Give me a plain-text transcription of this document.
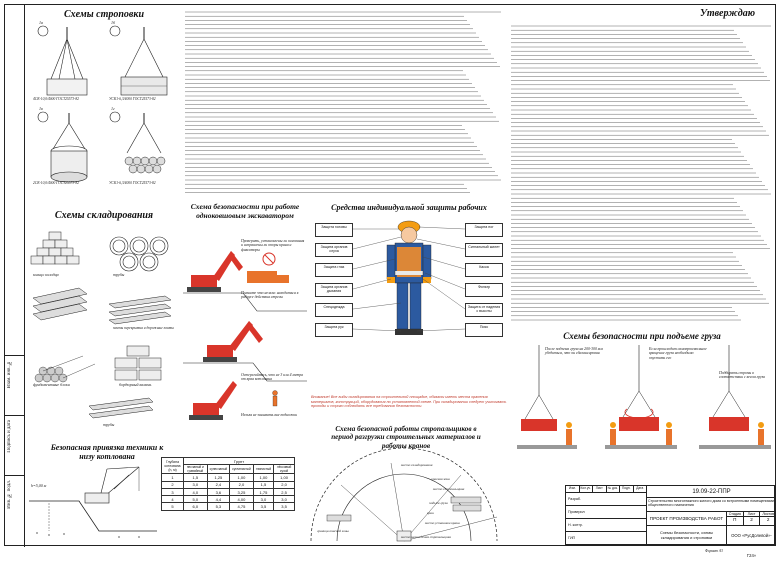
Взам. инв. №
Подпись и дата
Инв. № подл.
Схемы строповки
1а	1б
1в	1г
4СК-10,0/4000 ГОСТ25573-82	УСК1-6,3/4000 ГОСТ25573-82
2СК-10,0/4000 ГОСТ25573-82	УСК1-6,3/4000 ГОСТ25573-82
Схемы складирования
кольцо колодца	трубы
плиты перекрытия и дорожные плиты
фундаментные блоки	бордюрный камень
трубы
Безопасная привязка техники к низу котлована
h=5,00 м
Глубина котлована (h, м)	Грунт				
	песчаный и гравийный	супесчаный	суглинистый	глинистый	лёссовый сухой
1	1,5	1,25	1,00	1,00	1,00
2	3,0	2,4	2,0	1,5	2,0
3	4,0	3,6	3,25	1,75	2,5
4	5,0	4,4	4,00	3,0	3,0
5	6,0	5,3	4,75	3,5	3,5
Схема безопасности при работе одноковшовым экскаватором
Проверить, установлены ли основания и исправлены ли опоры крана и фиксаторы
Помните что нельзя: находиться в радиусе действия стрелы
Остерегайтесь, что не 3 или 4 метра от края котлована
Нельзя не занимать вне подножки
Средства индивидуальной защиты рабочих
Защита головы
Защита органов слуха
Защита глаз
Защита органов дыхания
Спецодежда
Защита рук
Защита ног
Сигнальный жилет
Каска
Фильтр
Защита от падения с высоты
Пояс
Внимание! Все виды складирования на строительной площадке, обязаны иметь места хранения материалов, конструкций, оборудования по установленной схеме. При складировании следует учитывать проходы и строго соблюдать все требования безопасности.
Схема безопасной работы стропальщиков в период разгрузки строительных материалов и работы кранов
место складирования
опасная зона
место стропальщика
подъём груза
кран
место установки крана
граница опасной зоны
место нахождения стропальщика
Утверждаю
Схемы безопасности при подъеме груза
После подъема груза на 200-300 мм убедиться, что он сбалансирован
Если происходит самопроизвольное вращение груза необходимо опустить его
Подбирать стропы в соответствии с весом груза
19.09-22-ППР
Строительство многоэтажного жилого дома со встроенными помещениями общественного назначения
ПРОЕКТ ПРОИЗВОДСТВА РАБОТ
Стадия	Лист	Листов
П	2	2
Схемы безопасности, схемы складирования и строповки	ООО «РусДолевой»-Г24»
Изм.	Кол.уч.	Лист	№ док.	Подп.	Дата
Разраб.
Проверил
Н. контр.
ГИП
Формат A3
